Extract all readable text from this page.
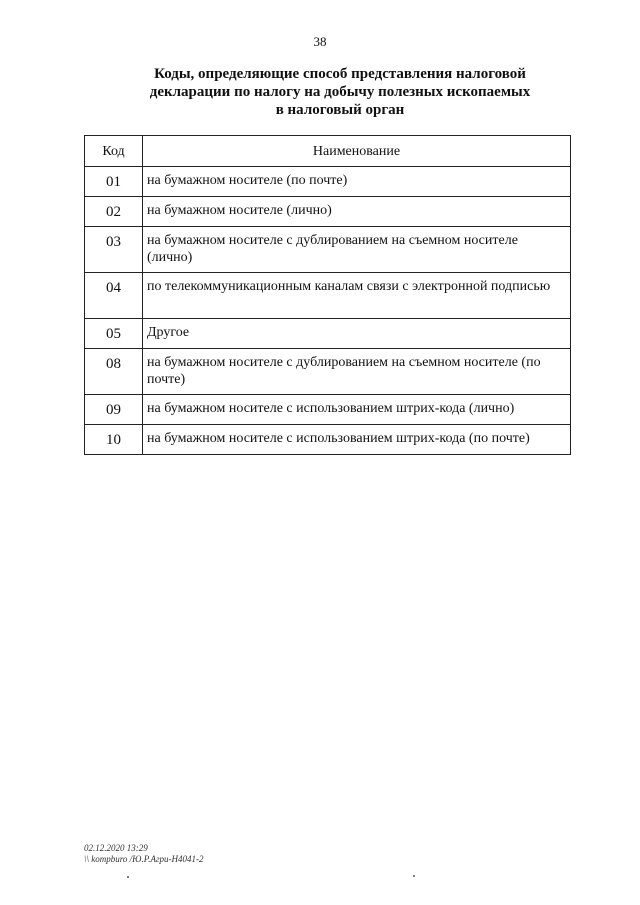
38
Коды, определяющие способ представления налоговой
декларации по налогу на добычу полезных ископаемых
в налоговый орган
Код	Наименование
01	на бумажном носителе (по почте)
02	на бумажном носителе (лично)
03	на бумажном носителе с дублированием на съемном носителе (лично)
04	по телекоммуникационным каналам связи с электронной подписью
05	Другое
08	на бумажном носителе с дублированием на съемном носителе (по почте)
09	на бумажном носителе с использованием штрих-кода (лично)
10	на бумажном носителе с использованием штрих-кода (по почте)
02.12.2020 13:29
\\ kompburo /Ю.Р.Агри-Н4041-2
